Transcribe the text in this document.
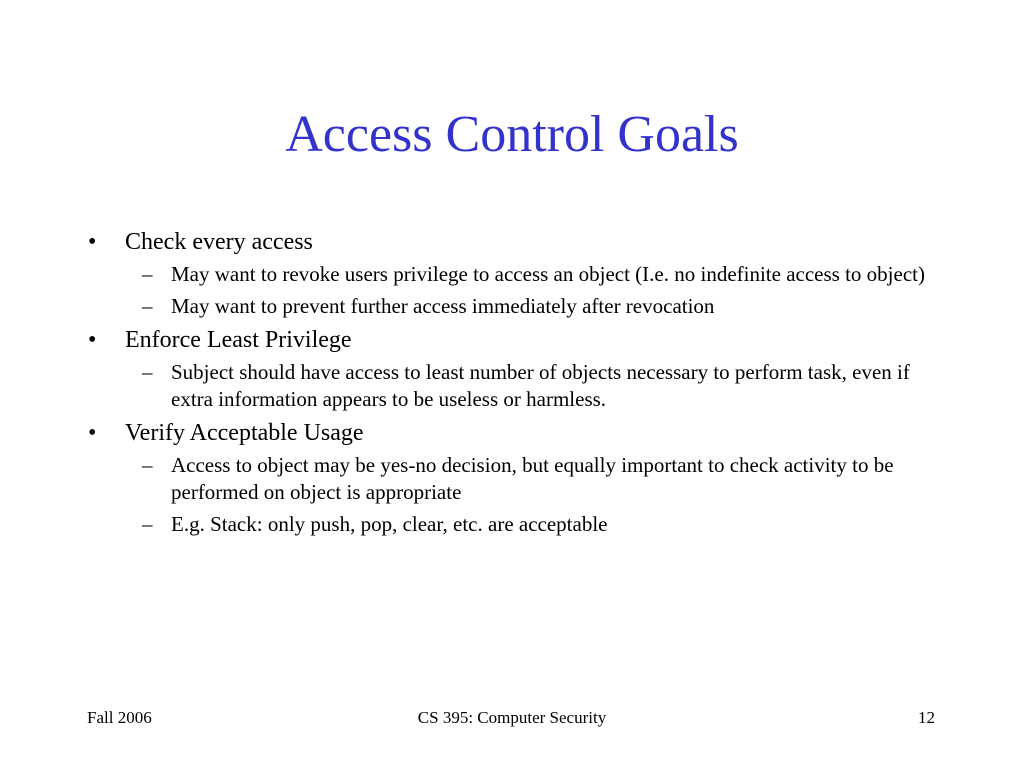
Access Control Goals
•	Check every access
– May want to revoke users privilege to access an object (I.e. no indefinite access to object)
– May want to prevent further access immediately after revocation
•	Enforce Least Privilege
– Subject should have access to least number of objects necessary to perform task, even if extra information appears to be useless or harmless.
•	Verify Acceptable Usage
– Access to object may be yes-no decision, but equally important to check activity to be performed on object is appropriate
– E.g. Stack: only push, pop, clear, etc. are acceptable
Fall 2006	CS 395: Computer Security	12
